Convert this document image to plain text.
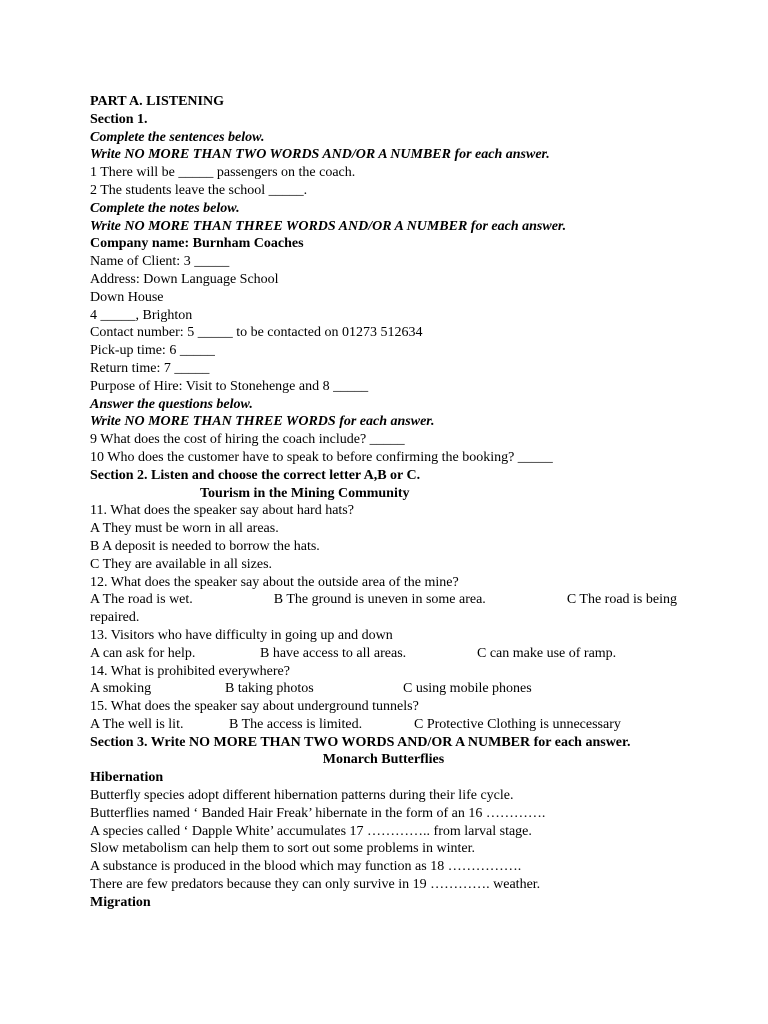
PART A. LISTENING
Section 1.
Complete the sentences below.
Write NO MORE THAN TWO WORDS AND/OR A NUMBER for each answer.
1 There will be _____ passengers on the coach.
2 The students leave the school _____.
Complete the notes below.
Write NO MORE THAN THREE WORDS AND/OR A NUMBER for each answer.
Company name: Burnham Coaches
Name of Client: 3 _____
Address: Down Language School
Down House
4 _____, Brighton
Contact number: 5 _____ to be contacted on 01273 512634
Pick-up time: 6 _____
Return time: 7 _____
Purpose of Hire: Visit to Stonehenge and 8 _____
Answer the questions below.
Write NO MORE THAN THREE WORDS for each answer.
9 What does the cost of hiring the coach include? _____
10 Who does the customer have to speak to before confirming the booking? _____
Section 2. Listen and choose the correct letter A,B or C.
Tourism in the Mining Community
11. What does the speaker say about hard hats?
A They must be worn in all areas.
B A deposit is needed to borrow the hats.
C They are available in all sizes.
12. What does the speaker say about the outside area of the mine?
A The road is wet.	B The ground is uneven in some area.	C The road is being
repaired.
13. Visitors who have difficulty in going up and down
A can ask for help.	B have access to all areas.	C can make use of ramp.
14. What is prohibited everywhere?
A smoking	B taking photos	C using mobile phones
15. What does the speaker say about underground tunnels?
A The well is lit.	B The access is limited.	C Protective Clothing is unnecessary
Section 3. Write NO MORE THAN TWO WORDS AND/OR A NUMBER for each answer.
Monarch Butterflies
Hibernation
Butterfly species adopt different hibernation patterns during their life cycle.
Butterflies named ‘ Banded Hair Freak’ hibernate in the form of an 16 ………….
A species called ‘ Dapple White’ accumulates 17 ………….. from larval stage.
Slow metabolism can help them to sort out some problems in winter.
A substance is produced in the blood which may function as 18 …………….
There are few predators because they can only survive in 19 …………. weather.
Migration
